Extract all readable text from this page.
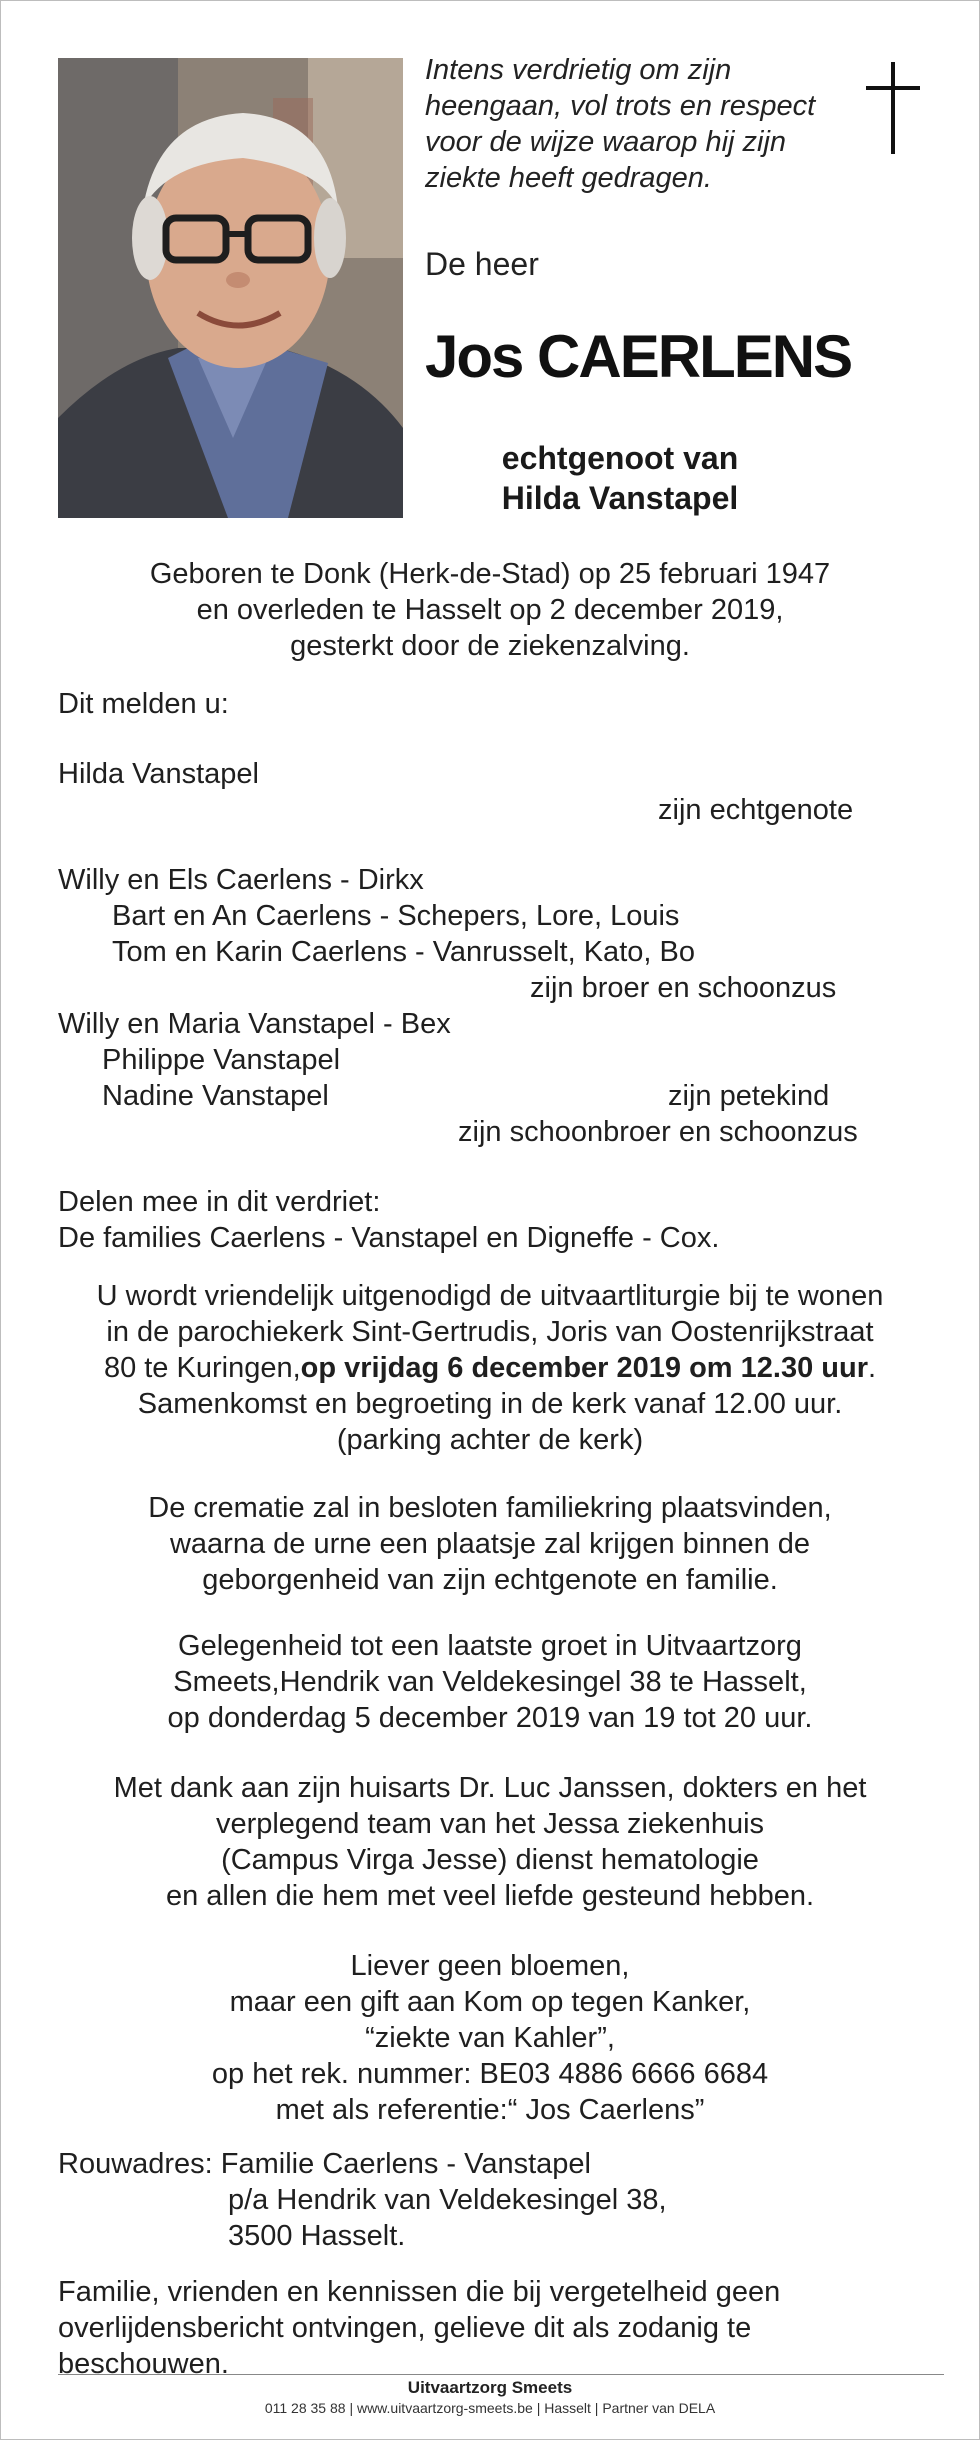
Intens verdrietig om zijn heengaan, vol trots en respect voor de wijze waarop hij zijn ziekte heeft gedragen.
De heer
Jos CAERLENS
echtgenoot van
Hilda Vanstapel
Geboren te Donk (Herk-de-Stad) op 25 februari 1947
en overleden te Hasselt op 2 december 2019,
gesterkt door de ziekenzalving.
Dit melden u:
Hilda Vanstapel
zijn echtgenote
Willy en Els Caerlens - Dirkx
Bart en An Caerlens - Schepers, Lore, Louis
Tom en Karin Caerlens - Vanrusselt, Kato, Bo
zijn broer en schoonzus
Willy en Maria Vanstapel - Bex
Philippe Vanstapel
Nadine Vanstapel	zijn petekind
zijn schoonbroer en schoonzus
Delen mee in dit verdriet:
De families Caerlens - Vanstapel en Digneffe - Cox.
U wordt vriendelijk uitgenodigd de uitvaartliturgie bij te wonen
in de parochiekerk Sint-Gertrudis, Joris van Oostenrijkstraat
80 te Kuringen,op vrijdag 6 december 2019 om 12.30 uur.
Samenkomst en begroeting in de kerk vanaf 12.00 uur.
(parking achter de kerk)
De crematie zal in besloten familiekring plaatsvinden,
waarna de urne een plaatsje zal krijgen binnen de
geborgenheid van zijn echtgenote en familie.
Gelegenheid tot een laatste groet in Uitvaartzorg
Smeets,Hendrik van Veldekesingel 38 te Hasselt,
op donderdag 5 december 2019 van 19 tot 20 uur.
Met dank aan zijn huisarts Dr. Luc Janssen, dokters en het
verplegend team van het Jessa ziekenhuis
(Campus Virga Jesse) dienst hematologie
en allen die hem met veel liefde gesteund hebben.
Liever geen bloemen,
maar een gift aan Kom op tegen Kanker,
“ziekte van Kahler”,
op het rek. nummer: BE03 4886 6666 6684
met als referentie:“ Jos Caerlens”
Rouwadres: Familie Caerlens - Vanstapel
p/a Hendrik van Veldekesingel 38,
3500 Hasselt.
Familie, vrienden en kennissen die bij vergetelheid geen
overlijdensbericht ontvingen, gelieve dit als zodanig te
beschouwen.
Uitvaartzorg Smeets
011 28 35 88 | www.uitvaartzorg-smeets.be | Hasselt | Partner van DELA
